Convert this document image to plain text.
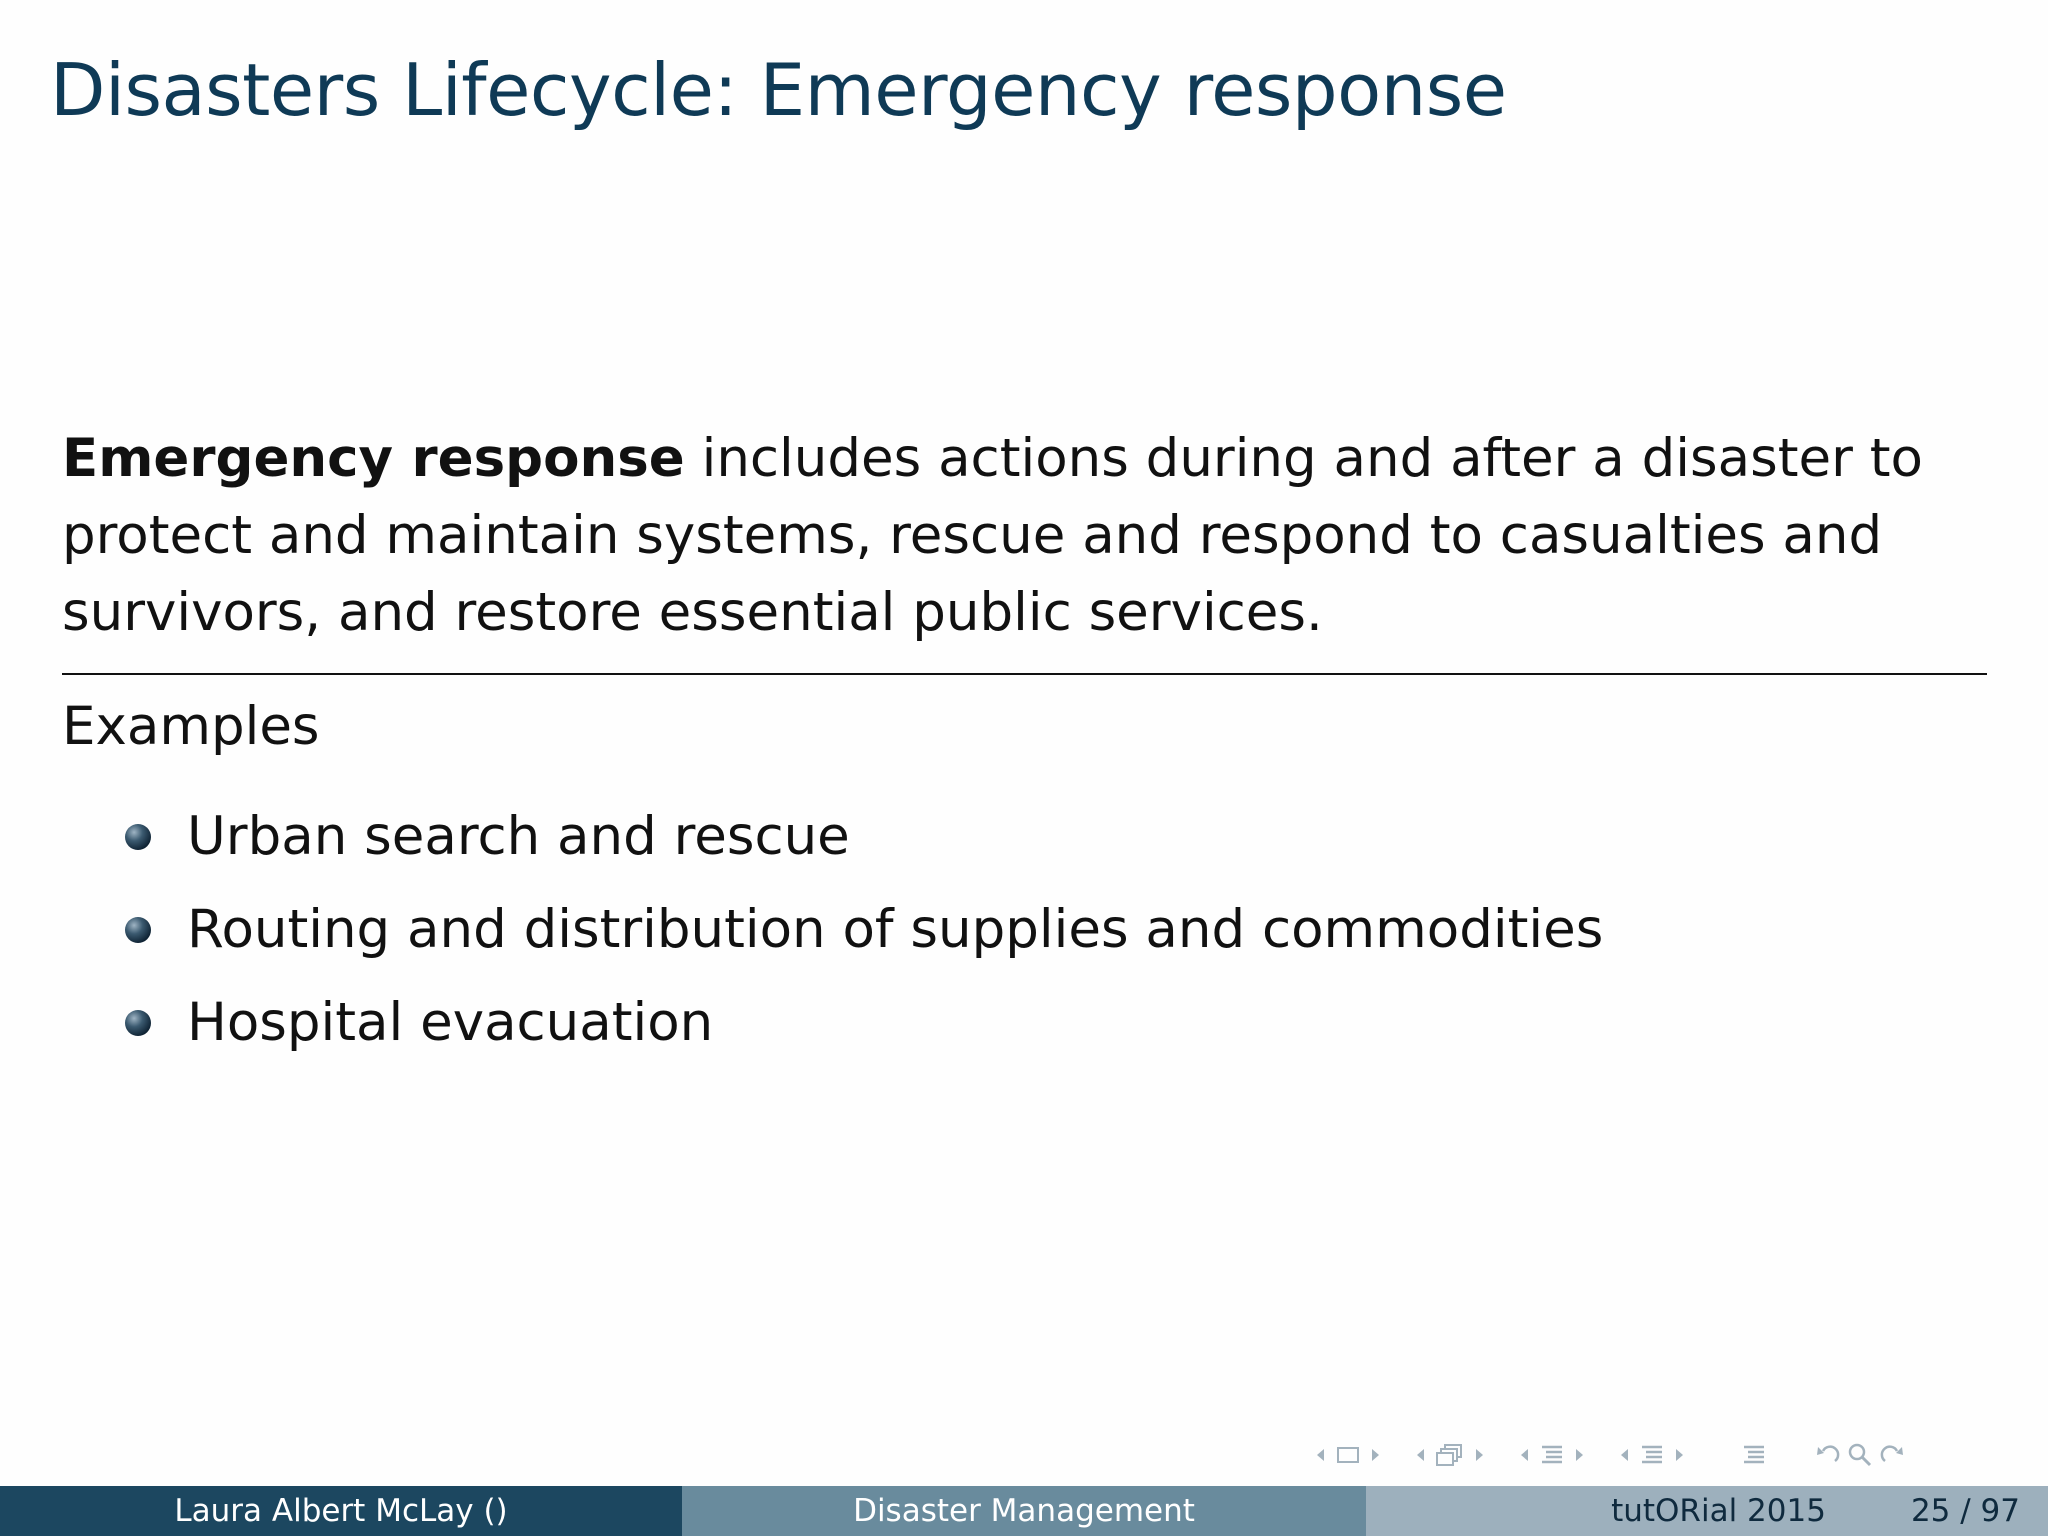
Disasters Lifecycle: Emergency response
Emergency response includes actions during and after a disaster to protect and maintain systems, rescue and respond to casualties and survivors, and restore essential public services.
Examples
Urban search and rescue
Routing and distribution of supplies and commodities
Hospital evacuation
Laura Albert McLay ()	Disaster Management	tutORial 2015	25 / 97
